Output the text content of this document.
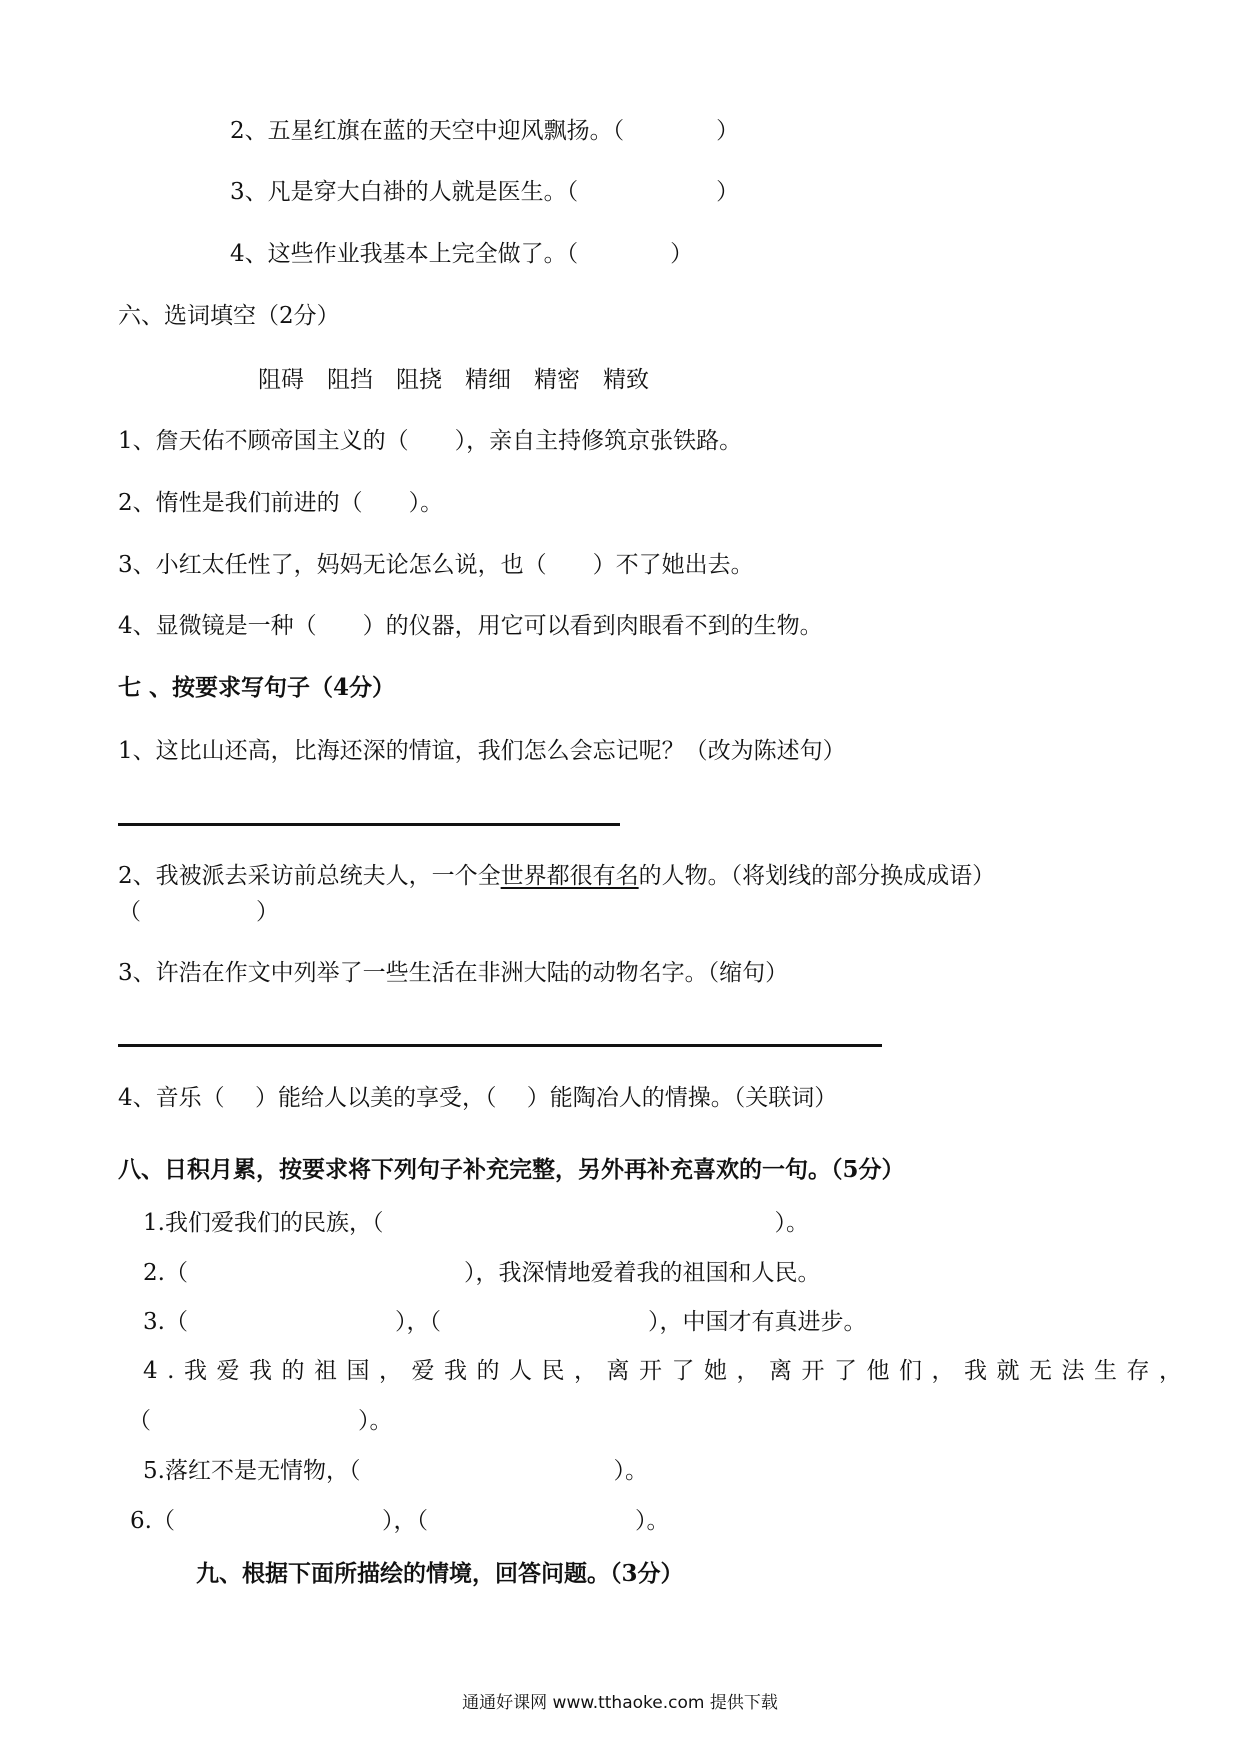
2、五星红旗在蓝的天空中迎风飘扬。（　　　　）
3、凡是穿大白褂的人就是医生。（　　　　　　）
4、这些作业我基本上完全做了。（　　　　）
六、选词填空（2分）
阻碍　阻挡　阻挠　精细　精密　精致
1、詹天佑不顾帝国主义的（　　），亲自主持修筑京张铁路。
2、惰性是我们前进的（　　）。
3、小红太任性了，妈妈无论怎么说，也（　　）不了她出去。
4、显微镜是一种（　　）的仪器，用它可以看到肉眼看不到的生物。
七 、按要求写句子（4分）
1、这比山还高，比海还深的情谊，我们怎么会忘记呢？（改为陈述句）
2、我被派去采访前总统夫人，一个全世界都很有名的人物。（将划线的部分换成成语）
（　　　　　）
3、许浩在作文中列举了一些生活在非洲大陆的动物名字。（缩句）
4、音乐（　 ）能给人以美的享受，（　 ）能陶冶人的情操。（关联词）
八、日积月累，按要求将下列句子补充完整，另外再补充喜欢的一句。（5分）
1.我们爱我们的民族，（　　　　　　　　　　　　　　　　　）。
2.（　　　　　　　　　　　　），我深情地爱着我的祖国和人民。
3.（　　　　　　　　　），（　　　　　　　　　），中国才有真进步。
4.我爱我的祖国，爱我的人民，离开了她，离开了他们，我就无法生存，
（　　　　　　　　　）。
5.落红不是无情物，（　　　　　　　　　　　）。
6.（　　　　　　　　　），（　　　　　　　　　）。
九、根据下面所描绘的情境，回答问题。（3分）
通通好课网 www.tthaoke.com 提供下载
